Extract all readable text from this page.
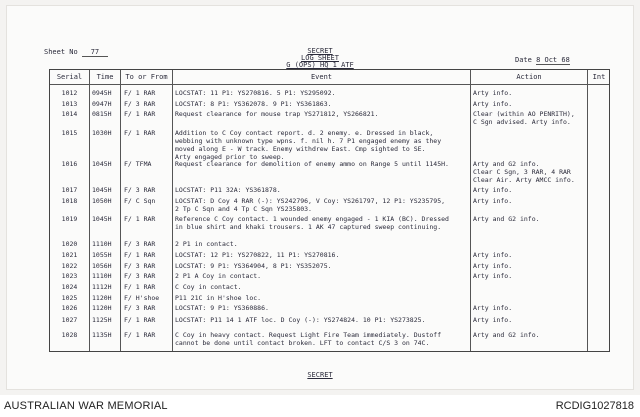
Sheet No 77	SECRET
LOG SHEET
G (OPS) HQ 1 ATF
Date 8 Oct 68
Serial	Time	To or From	Event	Action	Int
1012	0945H	F/ 1 RAR	LOCSTAT: 11 P1: YS270816. 5 P1: YS295092.	Arty info.
1013	0947H	F/ 3 RAR	LOCSTAT: 8 P1: YS362078. 9 P1: YS361863.	Arty info.
1014	0815H	F/ 1 RAR	Request clearance for mouse trap YS271812, YS266821.	Clear (within AO PENRITH),
C Sgn advised. Arty info.
1015	1030H	F/ 1 RAR	Addition to C Coy contact report. d. 2 enemy. e. Dressed in black,
webbing with unknown type wpns. f. nil h. 7 P1 engaged enemy as they
moved along E - W track. Enemy withdrew East. Cmp sighted to SE.
Arty engaged prior to sweep.
1016	1045H	F/ TFMA	Request clearance for demolition of enemy ammo on Range 5 until 1145H.	Arty and G2 info.
Clear C Sgn, 3 RAR, 4 RAR
Clear Air. Arty AMCC info.
1017	1045H	F/ 3 RAR	LOCSTAT: P11 32A: YS361878.	Arty info.
1018	1050H	F/ C Sqn	LOCSTAT: D Coy 4 RAR (-): YS242796, V Coy: YS261797, 12 P1: YS235795,
2 Tp C Sqn and 4 Tp C Sqn YS235803.
Arty info.
1019	1045H	F/ 1 RAR	Reference C Coy contact. 1 wounded enemy engaged - 1 KIA (BC). Dressed
in blue shirt and khaki trousers. 1 AK 47 captured sweep continuing.
Arty and G2 info.
1020	1110H	F/ 3 RAR	2 P1 in contact.
1021	1055H	F/ 1 RAR	LOCSTAT: 12 P1: YS270822, 11 P1: YS270816.	Arty info.
1022	1056H	F/ 3 RAR	LOCSTAT: 9 P1: YS364904, 8 P1: YS352075.	Arty info.
1023	1110H	F/ 3 RAR	2 P1 A Coy in contact.	Arty info.
1024	1112H	F/ 1 RAR	C Coy in contact.
1025	1120H	F/ H'shoe	P11 21C in H'shoe loc.
1026	1120H	F/ 3 RAR	LOCSTAT: 9 P1: YS360886.	Arty info.
1027	1125H	F/ 1 RAR	LOCSTAT: P11 14 1 ATF loc. D Coy (-): YS274824. 10 P1: YS273825.	Arty info.
1028	1135H	F/ 1 RAR	C Coy in heavy contact. Request Light Fire Team immediately. Dustoff
cannot be done until contact broken. LFT to contact C/S 3 on 74C.
Arty and G2 info.
SECRET
AUSTRALIAN WAR MEMORIAL	RCDIG1027818
